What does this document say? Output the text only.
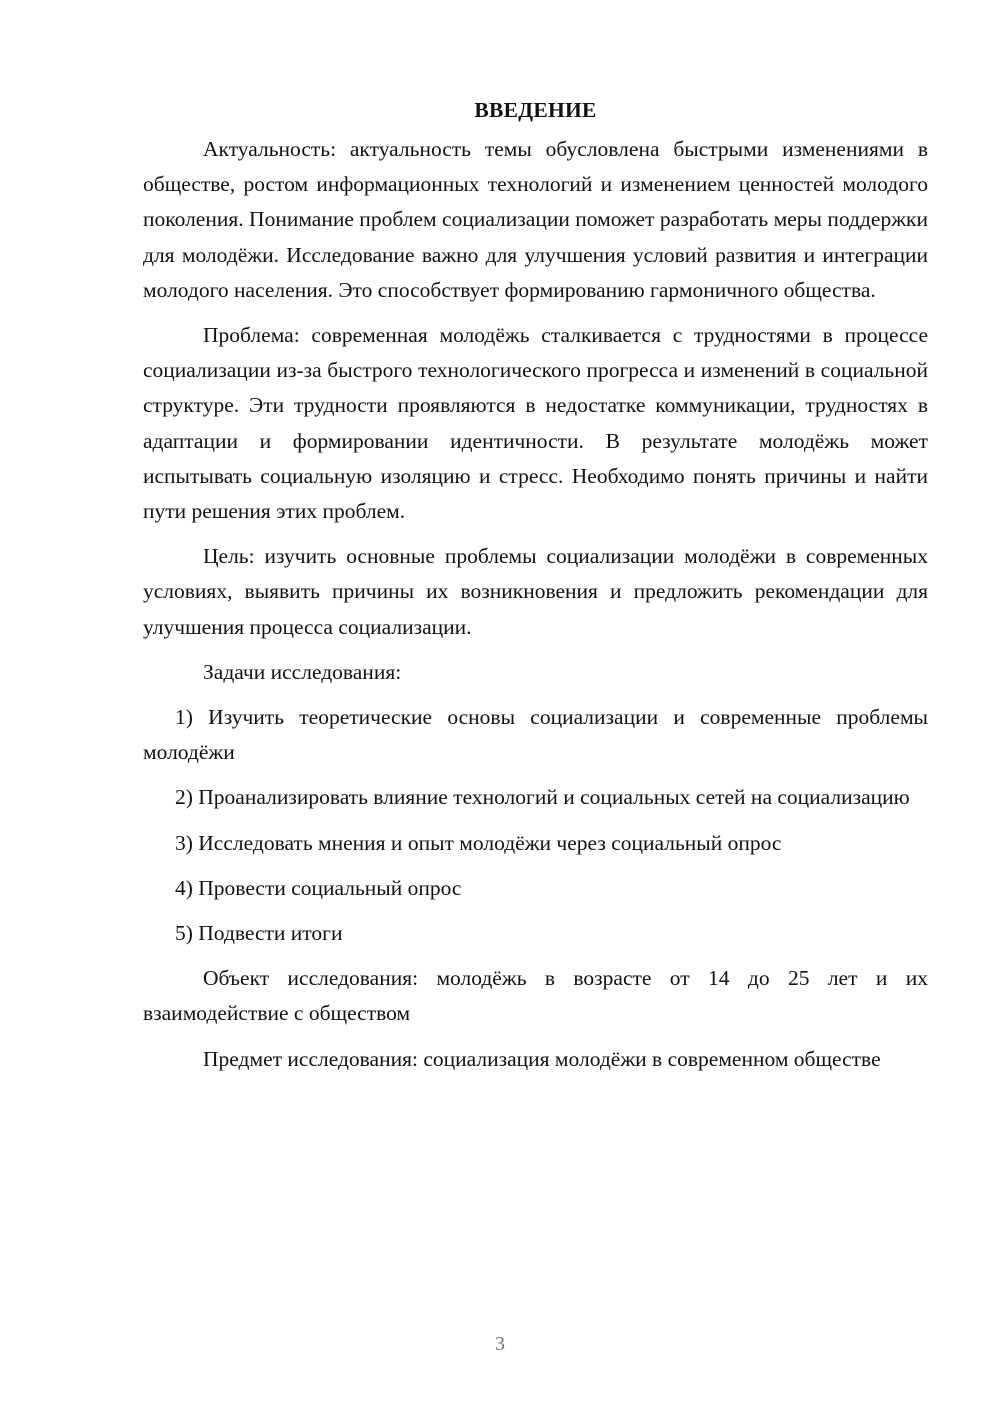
ВВЕДЕНИЕ

Актуальность: актуальность темы обусловлена быстрыми изменениями в обществе, ростом информационных технологий и изменением ценностей молодого поколения. Понимание проблем социализации поможет разработать меры поддержки для молодёжи. Исследование важно для улучшения условий развития и интеграции молодого населения. Это способствует формированию гармоничного общества.

Проблема: современная молодёжь сталкивается с трудностями в процессе социализации из-за быстрого технологического прогресса и изменений в социальной структуре. Эти трудности проявляются в недостатке коммуникации, трудностях в адаптации и формировании идентичности. В результате молодёжь может испытывать социальную изоляцию и стресс. Необходимо понять причины и найти пути решения этих проблем.

Цель: изучить основные проблемы социализации молодёжи в современных условиях, выявить причины их возникновения и предложить рекомендации для улучшения процесса социализации.

Задачи исследования:

1) Изучить теоретические основы социализации и современные проблемы молодёжи

2) Проанализировать влияние технологий и социальных сетей на социализацию

3) Исследовать мнения и опыт молодёжи через социальный опрос

4) Провести социальный опрос

5) Подвести итоги

Объект исследования: молодёжь в возрасте от 14 до 25 лет и их взаимодействие с обществом

Предмет исследования: социализация молодёжи в современном обществе

3
